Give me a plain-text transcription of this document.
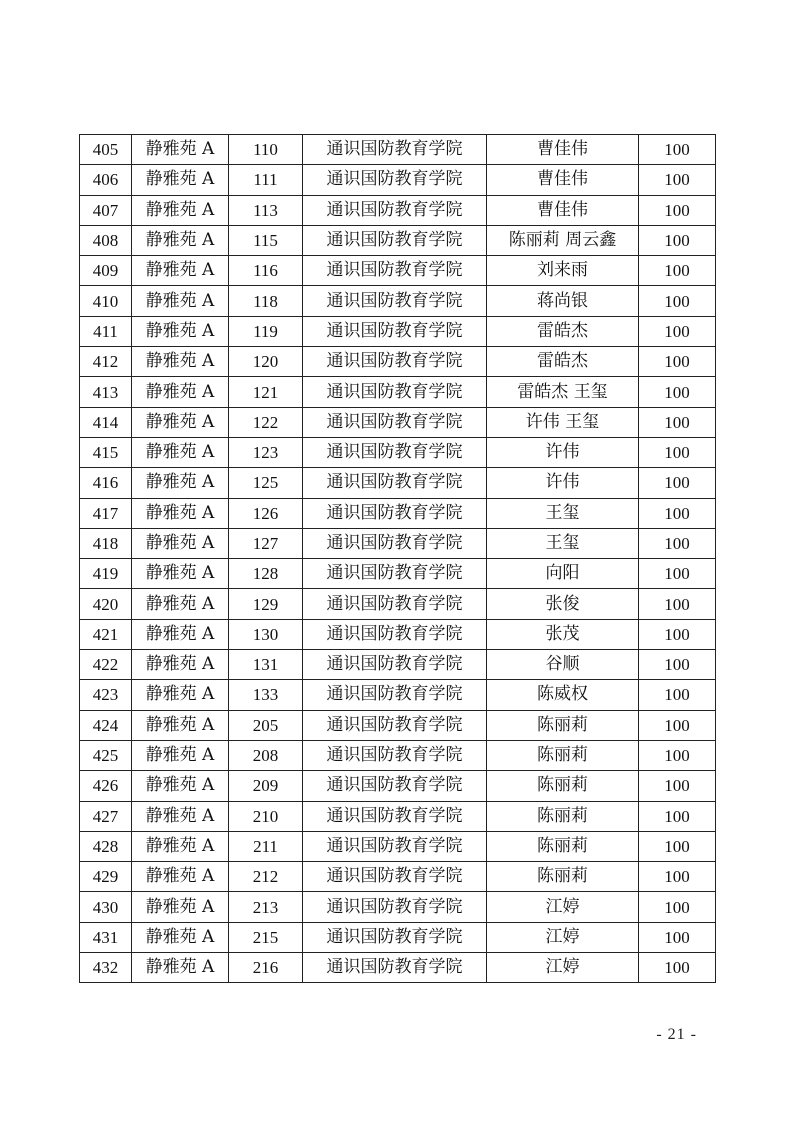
405	静雅苑 A	110	通识国防教育学院	曹佳伟	100
406	静雅苑 A	111	通识国防教育学院	曹佳伟	100
407	静雅苑 A	113	通识国防教育学院	曹佳伟	100
408	静雅苑 A	115	通识国防教育学院	陈丽莉 周云鑫	100
409	静雅苑 A	116	通识国防教育学院	刘来雨	100
410	静雅苑 A	118	通识国防教育学院	蒋尚银	100
411	静雅苑 A	119	通识国防教育学院	雷皓杰	100
412	静雅苑 A	120	通识国防教育学院	雷皓杰	100
413	静雅苑 A	121	通识国防教育学院	雷皓杰 王玺	100
414	静雅苑 A	122	通识国防教育学院	许伟 王玺	100
415	静雅苑 A	123	通识国防教育学院	许伟	100
416	静雅苑 A	125	通识国防教育学院	许伟	100
417	静雅苑 A	126	通识国防教育学院	王玺	100
418	静雅苑 A	127	通识国防教育学院	王玺	100
419	静雅苑 A	128	通识国防教育学院	向阳	100
420	静雅苑 A	129	通识国防教育学院	张俊	100
421	静雅苑 A	130	通识国防教育学院	张茂	100
422	静雅苑 A	131	通识国防教育学院	谷顺	100
423	静雅苑 A	133	通识国防教育学院	陈威权	100
424	静雅苑 A	205	通识国防教育学院	陈丽莉	100
425	静雅苑 A	208	通识国防教育学院	陈丽莉	100
426	静雅苑 A	209	通识国防教育学院	陈丽莉	100
427	静雅苑 A	210	通识国防教育学院	陈丽莉	100
428	静雅苑 A	211	通识国防教育学院	陈丽莉	100
429	静雅苑 A	212	通识国防教育学院	陈丽莉	100
430	静雅苑 A	213	通识国防教育学院	江婷	100
431	静雅苑 A	215	通识国防教育学院	江婷	100
432	静雅苑 A	216	通识国防教育学院	江婷	100
- 21 -
